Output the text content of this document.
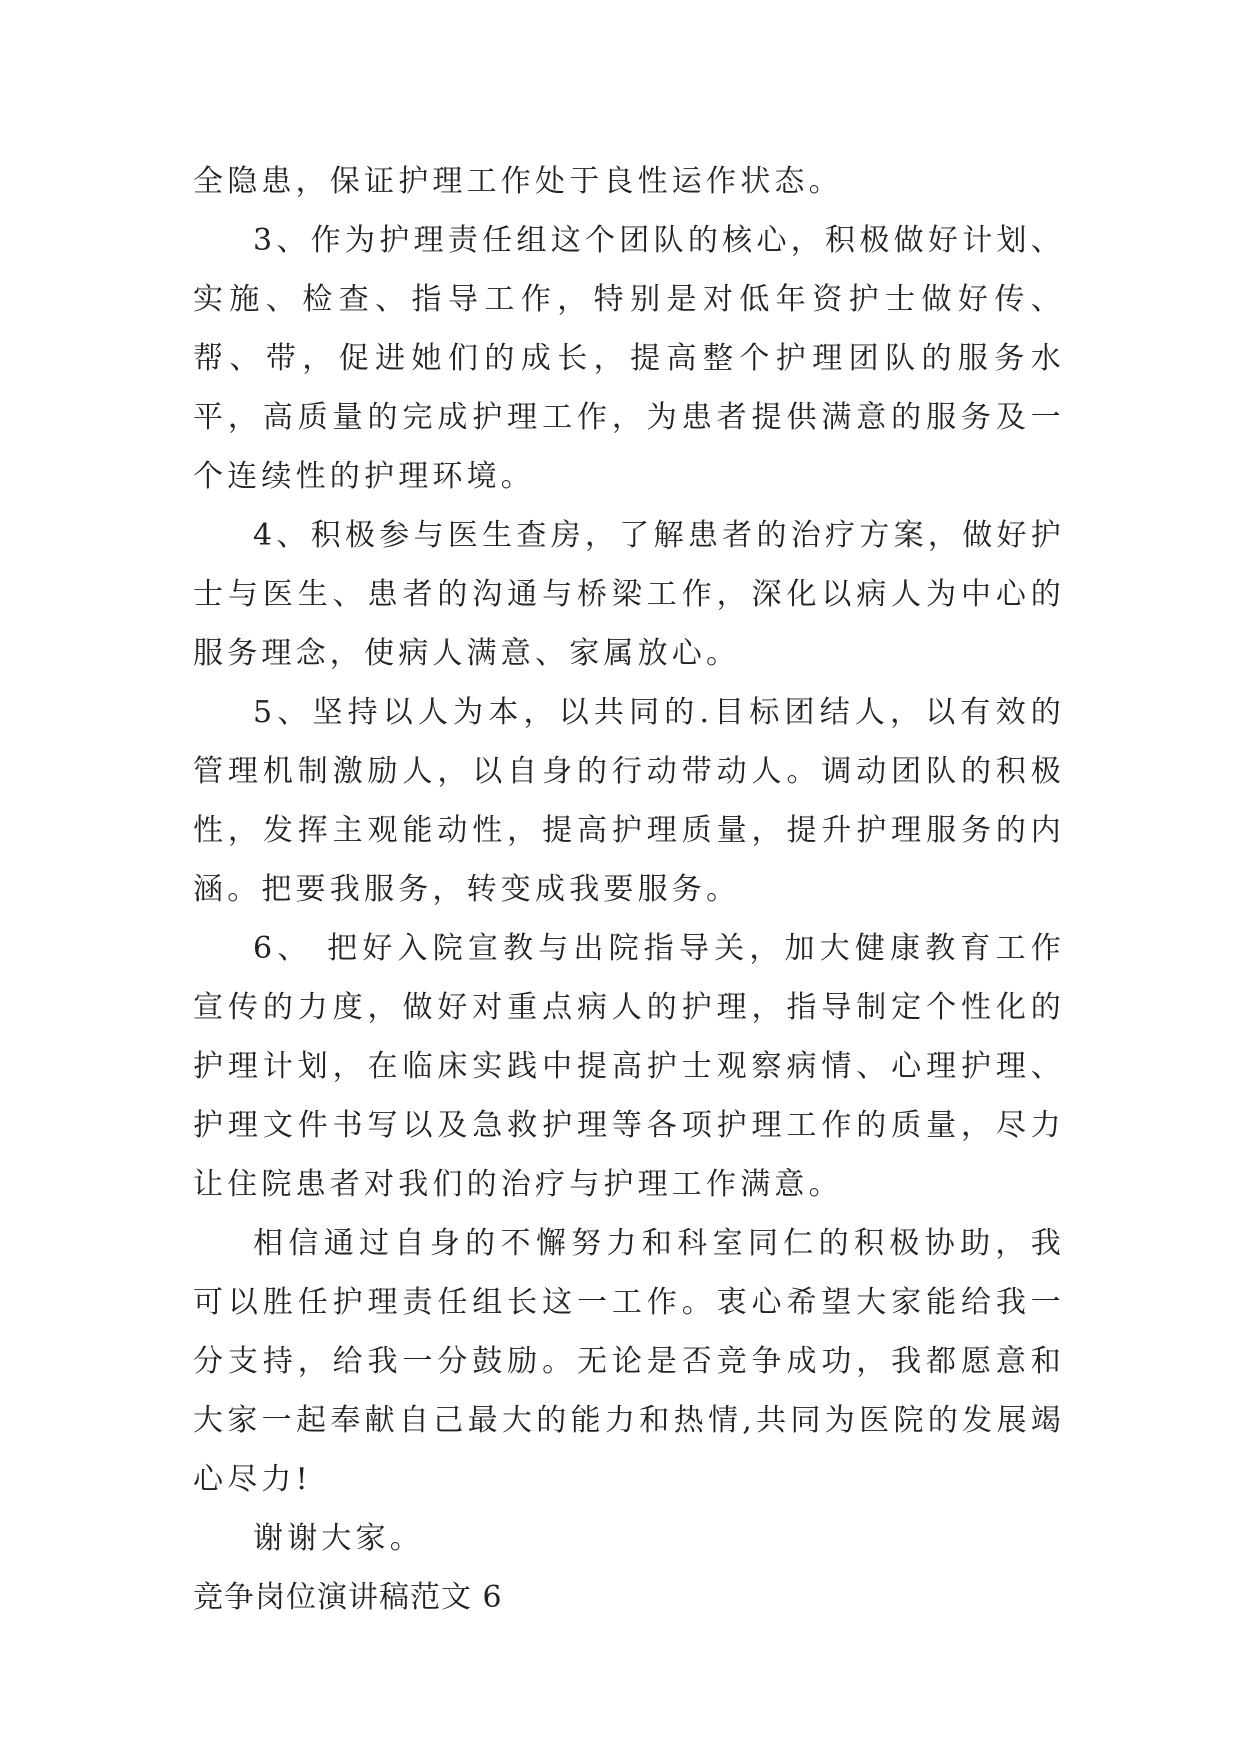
全隐患，保证护理工作处于良性运作状态。

3、作为护理责任组这个团队的核心，积极做好计划、实施、检查、指导工作，特别是对低年资护士做好传、帮、带，促进她们的成长，提高整个护理团队的服务水平，高质量的完成护理工作，为患者提供满意的服务及一个连续性的护理环境。

4、积极参与医生查房，了解患者的治疗方案，做好护士与医生、患者的沟通与桥梁工作，深化以病人为中心的服务理念，使病人满意、家属放心。

5、坚持以人为本，以共同的.目标团结人，以有效的管理机制激励人，以自身的行动带动人。调动团队的积极性，发挥主观能动性，提高护理质量，提升护理服务的内涵。把要我服务，转变成我要服务。

6、 把好入院宣教与出院指导关，加大健康教育工作宣传的力度，做好对重点病人的护理，指导制定个性化的护理计划，在临床实践中提高护士观察病情、心理护理、护理文件书写以及急救护理等各项护理工作的质量，尽力让住院患者对我们的治疗与护理工作满意。

相信通过自身的不懈努力和科室同仁的积极协助，我可以胜任护理责任组长这一工作。衷心希望大家能给我一分支持，给我一分鼓励。无论是否竞争成功，我都愿意和大家一起奉献自己最大的能力和热情,共同为医院的发展竭心尽力!

谢谢大家。

竞争岗位演讲稿范文 6
